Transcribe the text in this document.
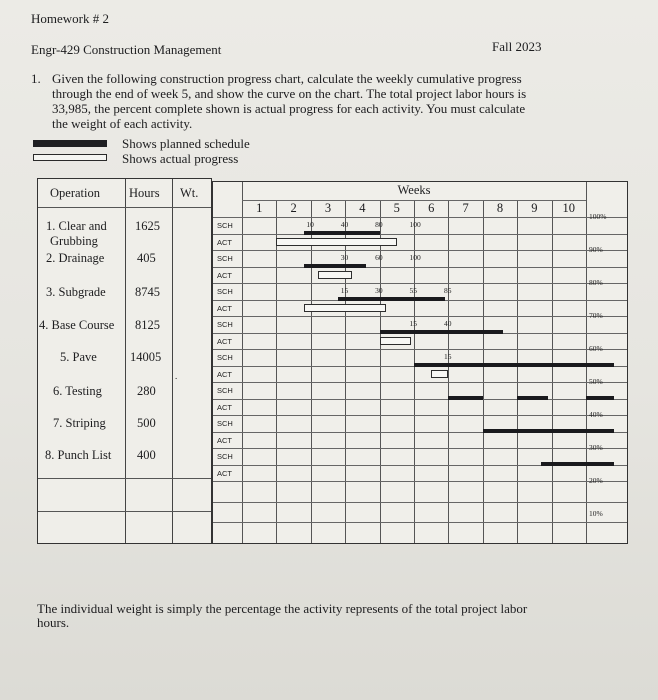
Homework # 2
Engr-429 Construction Management	Fall 2023
1. Given the following construction progress chart, calculate the weekly cumulative progress
through the end of week 5, and show the curve on the chart. The total project labor hours is
33,985, the percent complete shown is actual progress for each activity. You must calculate
the weight of each activity.
Shows planned schedule
Shows actual progress
Operation Hours Wt.
1. Clear and
Grubbing
1625
2. Drainage	405
3. Subgrade 8745
4. Base Course 8125
5. Pave	14005
6. Testing	280
7. Striping 500
8. Punch List 400
.
Weeks
1	2	3	4	5	6	7	8	9	10
SCH
ACT
SCH
ACT
SCH
ACT
SCH
ACT
SCH
ACT
SCH
ACT
SCH
ACT
SCH
ACT
100%
90%
80%
70%
60%
50%
40%
30%
20%
10%
10	40	80	100
30	60	100
15	30	55	85
15	40
15
The individual weight is simply the percentage the activity represents of the total project labor
hours.
